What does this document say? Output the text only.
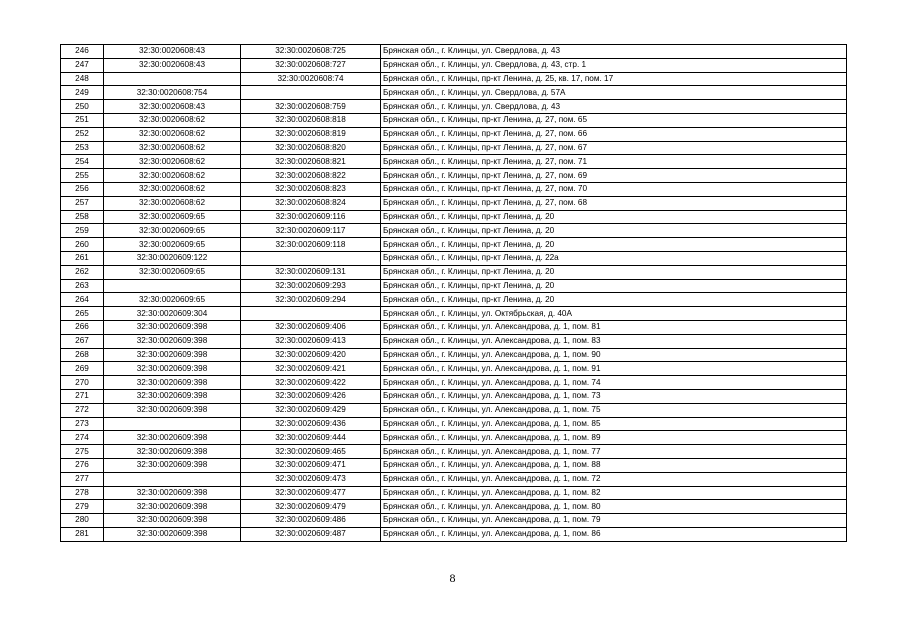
246	32:30:0020608:43	32:30:0020608:725	Брянская обл., г. Клинцы, ул. Свердлова, д. 43
247	32:30:0020608:43	32:30:0020608:727	Брянская обл., г. Клинцы, ул. Свердлова, д. 43, стр. 1
248		32:30:0020608:74	Брянская обл., г. Клинцы, пр-кт Ленина, д. 25, кв. 17, пом. 17
249	32:30:0020608:754		Брянская обл., г. Клинцы, ул. Свердлова, д. 57А
250	32:30:0020608:43	32:30:0020608:759	Брянская обл., г. Клинцы, ул. Свердлова, д. 43
251	32:30:0020608:62	32:30:0020608:818	Брянская обл., г. Клинцы, пр-кт Ленина, д. 27, пом. 65
252	32:30:0020608:62	32:30:0020608:819	Брянская обл., г. Клинцы, пр-кт Ленина, д. 27, пом. 66
253	32:30:0020608:62	32:30:0020608:820	Брянская обл., г. Клинцы, пр-кт Ленина, д. 27, пом. 67
254	32:30:0020608:62	32:30:0020608:821	Брянская обл., г. Клинцы, пр-кт Ленина, д. 27, пом. 71
255	32:30:0020608:62	32:30:0020608:822	Брянская обл., г. Клинцы, пр-кт Ленина, д. 27, пом. 69
256	32:30:0020608:62	32:30:0020608:823	Брянская обл., г. Клинцы, пр-кт Ленина, д. 27, пом. 70
257	32:30:0020608:62	32:30:0020608:824	Брянская обл., г. Клинцы, пр-кт Ленина, д. 27, пом. 68
258	32:30:0020609:65	32:30:0020609:116	Брянская обл., г. Клинцы, пр-кт Ленина, д. 20
259	32:30:0020609:65	32:30:0020609:117	Брянская обл., г. Клинцы, пр-кт Ленина, д. 20
260	32:30:0020609:65	32:30:0020609:118	Брянская обл., г. Клинцы, пр-кт Ленина, д. 20
261	32:30:0020609:122		Брянская обл., г. Клинцы, пр-кт Ленина, д. 22а
262	32:30:0020609:65	32:30:0020609:131	Брянская обл., г. Клинцы, пр-кт Ленина, д. 20
263		32:30:0020609:293	Брянская обл., г. Клинцы, пр-кт Ленина, д. 20
264	32:30:0020609:65	32:30:0020609:294	Брянская обл., г. Клинцы, пр-кт Ленина, д. 20
265	32:30:0020609:304		Брянская обл., г. Клинцы, ул. Октябрьская, д. 40А
266	32:30:0020609:398	32:30:0020609:406	Брянская обл., г. Клинцы, ул. Александрова, д. 1, пом. 81
267	32:30:0020609:398	32:30:0020609:413	Брянская обл., г. Клинцы, ул. Александрова, д. 1, пом. 83
268	32:30:0020609:398	32:30:0020609:420	Брянская обл., г. Клинцы, ул. Александрова, д. 1, пом. 90
269	32:30:0020609:398	32:30:0020609:421	Брянская обл., г. Клинцы, ул. Александрова, д. 1, пом. 91
270	32:30:0020609:398	32:30:0020609:422	Брянская обл., г. Клинцы, ул. Александрова, д. 1, пом. 74
271	32:30:0020609:398	32:30:0020609:426	Брянская обл., г. Клинцы, ул. Александрова, д. 1, пом. 73
272	32:30:0020609:398	32:30:0020609:429	Брянская обл., г. Клинцы, ул. Александрова, д. 1, пом. 75
273		32:30:0020609:436	Брянская обл., г. Клинцы, ул. Александрова, д. 1, пом. 85
274	32:30:0020609:398	32:30:0020609:444	Брянская обл., г. Клинцы, ул. Александрова, д. 1, пом. 89
275	32:30:0020609:398	32:30:0020609:465	Брянская обл., г. Клинцы, ул. Александрова, д. 1, пом. 77
276	32:30:0020609:398	32:30:0020609:471	Брянская обл., г. Клинцы, ул. Александрова, д. 1, пом. 88
277		32:30:0020609:473	Брянская обл., г. Клинцы, ул. Александрова, д. 1, пом. 72
278	32:30:0020609:398	32:30:0020609:477	Брянская обл., г. Клинцы, ул. Александрова, д. 1, пом. 82
279	32:30:0020609:398	32:30:0020609:479	Брянская обл., г. Клинцы, ул. Александрова, д. 1, пом. 80
280	32:30:0020609:398	32:30:0020609:486	Брянская обл., г. Клинцы, ул. Александрова, д. 1, пом. 79
281	32:30:0020609:398	32:30:0020609:487	Брянская обл., г. Клинцы, ул. Александрова, д. 1, пом. 86
8
